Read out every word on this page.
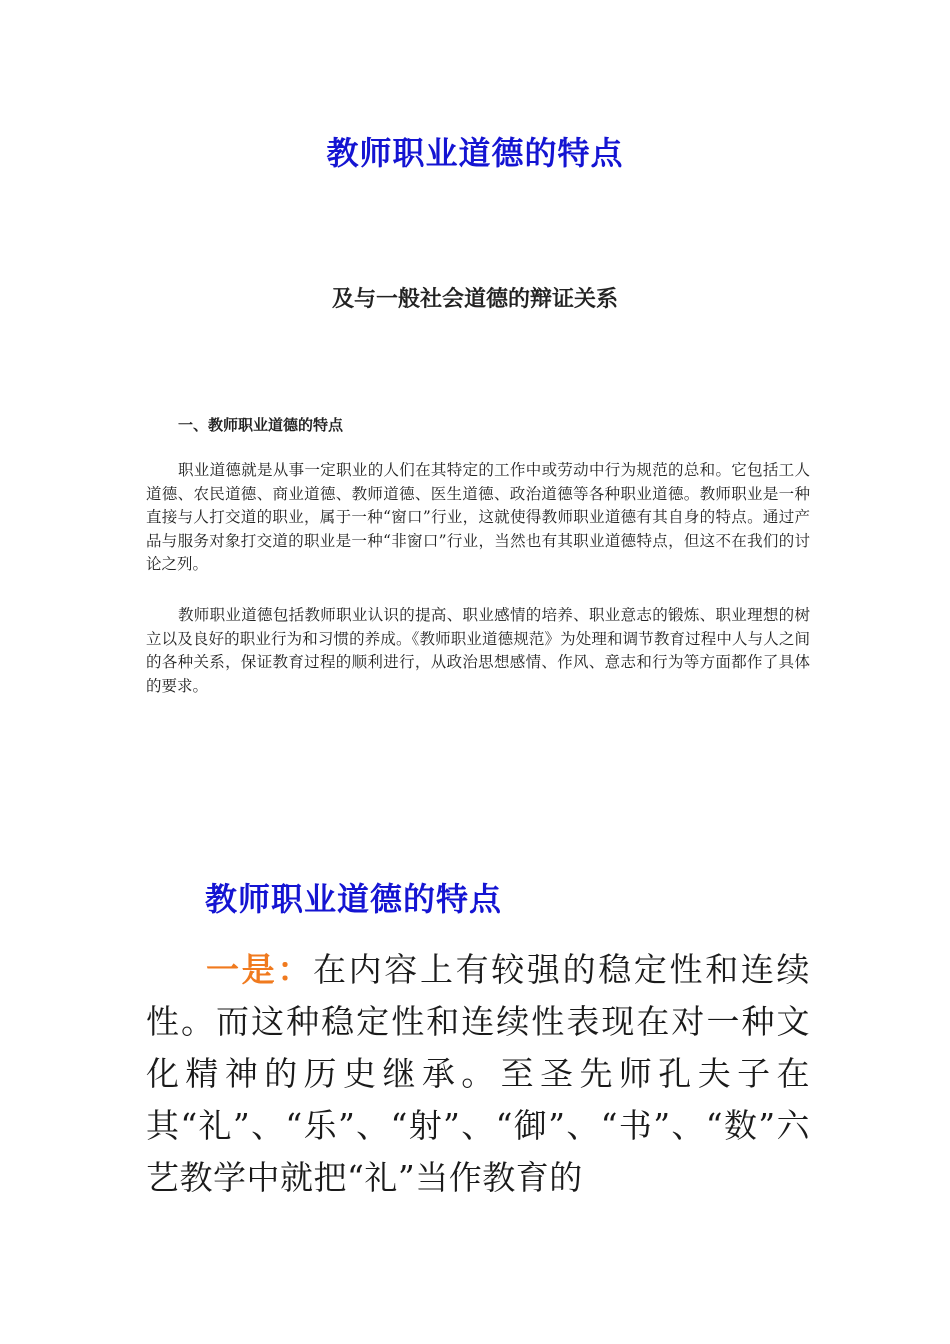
教师职业道德的特点
及与一般社会道德的辩证关系
一、教师职业道德的特点

职业道德就是从事一定职业的人们在其特定的工作中或劳动中行为规范的总和。它包括工人道德、农民道德、商业道德、教师道德、医生道德、政治道德等各种职业道德。教师职业是一种直接与人打交道的职业，属于一种“窗口”行业，这就使得教师职业道德有其自身的特点。通过产品与服务对象打交道的职业是一种“非窗口”行业，当然也有其职业道德特点，但这不在我们的讨论之列。

教师职业道德包括教师职业认识的提高、职业感情的培养、职业意志的锻炼、职业理想的树立以及良好的职业行为和习惯的养成。《教师职业道德规范》为处理和调节教育过程中人与人之间的各种关系，保证教育过程的顺利进行，从政治思想感情、作风、意志和行为等方面都作了具体的要求。

教师职业道德的特点

一是：在内容上有较强的稳定性和连续性。而这种稳定性和连续性表现在对一种文化精神的历史继承。至圣先师孔夫子在其“礼”、“乐”、“射”、“御”、“书”、“数”六艺教学中就把“礼”当作教育的
